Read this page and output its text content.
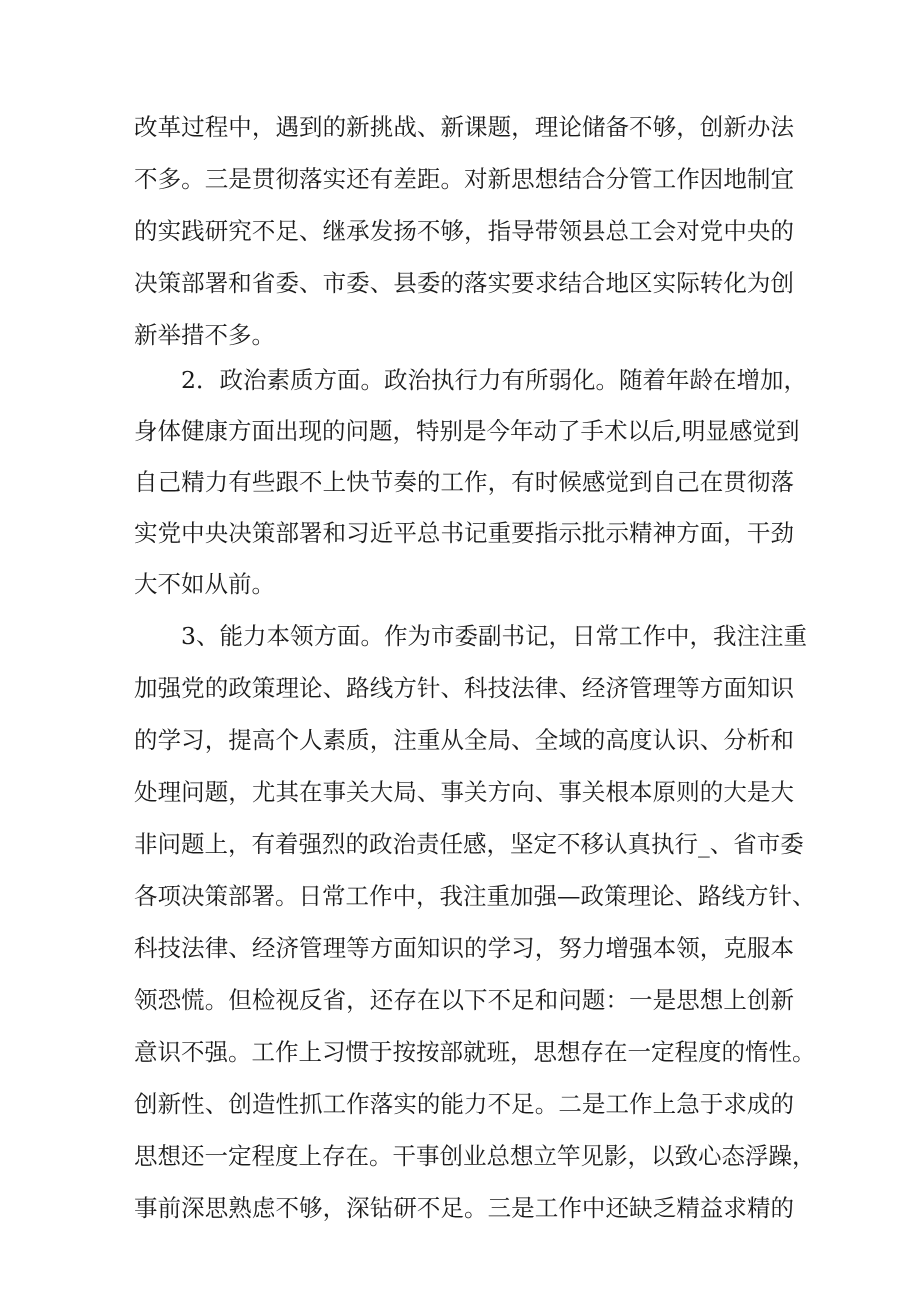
改革过程中，遇到的新挑战、新课题，理论储备不够，创新办法
不多。三是贯彻落实还有差距。对新思想结合分管工作因地制宜
的实践研究不足、继承发扬不够，指导带领县总工会对党中央的
决策部署和省委、市委、县委的落实要求结合地区实际转化为创
新举措不多。
2．政治素质方面。政治执行力有所弱化。随着年龄在增加，
身体健康方面出现的问题，特别是今年动了手术以后,明显感觉到
自己精力有些跟不上快节奏的工作，有时候感觉到自己在贯彻落
实党中央决策部署和习近平总书记重要指示批示精神方面，干劲
大不如从前。
3、能力本领方面。作为市委副书记，日常工作中，我注注重
加强党的政策理论、路线方针、科技法律、经济管理等方面知识
的学习，提高个人素质，注重从全局、全域的高度认识、分析和
处理问题，尤其在事关大局、事关方向、事关根本原则的大是大
非问题上，有着强烈的政治责任感，坚定不移认真执行_、省市委
各项决策部署。日常工作中，我注重加强—政策理论、路线方针、
科技法律、经济管理等方面知识的学习，努力增强本领，克服本
领恐慌。但检视反省，还存在以下不足和问题：一是思想上创新
意识不强。工作上习惯于按按部就班，思想存在一定程度的惰性。
创新性、创造性抓工作落实的能力不足。二是工作上急于求成的
思想还一定程度上存在。干事创业总想立竿见影，以致心态浮躁，
事前深思熟虑不够，深钻研不足。三是工作中还缺乏精益求精的
